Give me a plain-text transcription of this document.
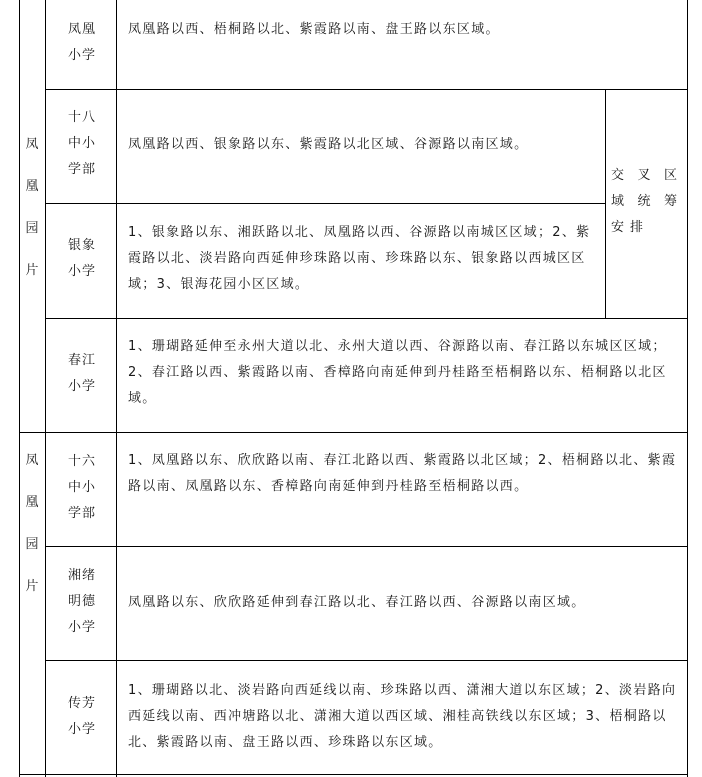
凤
凰
园
片
凤
凰
园
片
凤凰
小学
凤凰路以西、梧桐路以北、紫霞路以南、盘王路以东区域。
十八
中小
学部
凤凰路以西、银象路以东、紫霞路以北区域、谷源路以南区域。
银象
小学
1、银象路以东、湘跃路以北、凤凰路以西、谷源路以南城区区域；2、紫霞路以北、淡岩路向西延伸珍珠路以南、珍珠路以东、银象路以西城区区域；3、银海花园小区区域。
春江
小学
1、珊瑚路延伸至永州大道以北、永州大道以西、谷源路以南、春江路以东城区区域；2、春江路以西、紫霞路以南、香樟路向南延伸到丹桂路至梧桐路以东、梧桐路以北区域。
交叉区域统筹安排
十六
中小
学部
1、凤凰路以东、欣欣路以南、春江北路以西、紫霞路以北区域；2、梧桐路以北、紫霞路以南、凤凰路以东、香樟路向南延伸到丹桂路至梧桐路以西。
湘绪
明德
小学
凤凰路以东、欣欣路延伸到春江路以北、春江路以西、谷源路以南区域。
传芳
小学
1、珊瑚路以北、淡岩路向西延线以南、珍珠路以西、潇湘大道以东区域；2、淡岩路向西延线以南、西冲塘路以北、潇湘大道以西区域、湘桂高铁线以东区域；3、梧桐路以北、紫霞路以南、盘王路以西、珍珠路以东区域。
